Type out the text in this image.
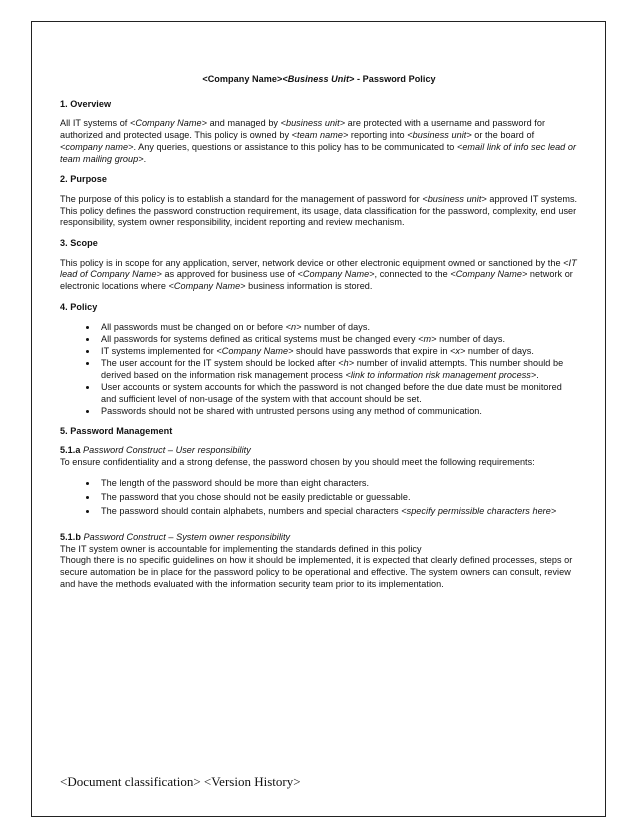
<Company Name><Business Unit> - Password Policy

1. Overview

All IT systems of <Company Name> and managed by <business unit> are protected with a username and password for authorized and protected usage. This policy is owned by <team name> reporting into <business unit> or the board of <company name>. Any queries, questions or assistance to this policy has to be communicated to <email link of info sec lead or team mailing group>.

2. Purpose

The purpose of this policy is to establish a standard for the management of password for <business unit> approved IT systems. This policy defines the password construction requirement, its usage, data classification for the password, complexity, end user responsibility, system owner responsibility, incident reporting and review mechanism.

3. Scope

This policy is in scope for any application, server, network device or other electronic equipment owned or sanctioned by the <IT lead of Company Name> as approved for business use of <Company Name>, connected to the <Company Name> network or electronic locations where <Company Name> business information is stored.

4. Policy

• All passwords must be changed on or before <n> number of days.
• All passwords for systems defined as critical systems must be changed every <m> number of days.
• IT systems implemented for <Company Name> should have passwords that expire in <x> number of days.
• The user account for the IT system should be locked after <h> number of invalid attempts. This number should be derived based on the information risk management process <link to information risk management process>.
• User accounts or system accounts for which the password is not changed before the due date must be monitored and sufficient level of non-usage of the system with that account should be set.
• Passwords should not be shared with untrusted persons using any method of communication.

5. Password Management

5.1.a Password Construct – User responsibility

To ensure confidentiality and a strong defense, the password chosen by you should meet the following requirements:

• The length of the password should be more than eight characters.
• The password that you chose should not be easily predictable or guessable.
• The password should contain alphabets, numbers and special characters <specify permissible characters here>

5.1.b Password Construct – System owner responsibility

The IT system owner is accountable for implementing the standards defined in this policy

Though there is no specific guidelines on how it should be implemented, it is expected that clearly defined processes, steps or secure automation be in place for the password policy to be operational and effective. The system owners can consult, review and have the methods evaluated with the information security team prior to its implementation.

<Document classification> <Version History>
